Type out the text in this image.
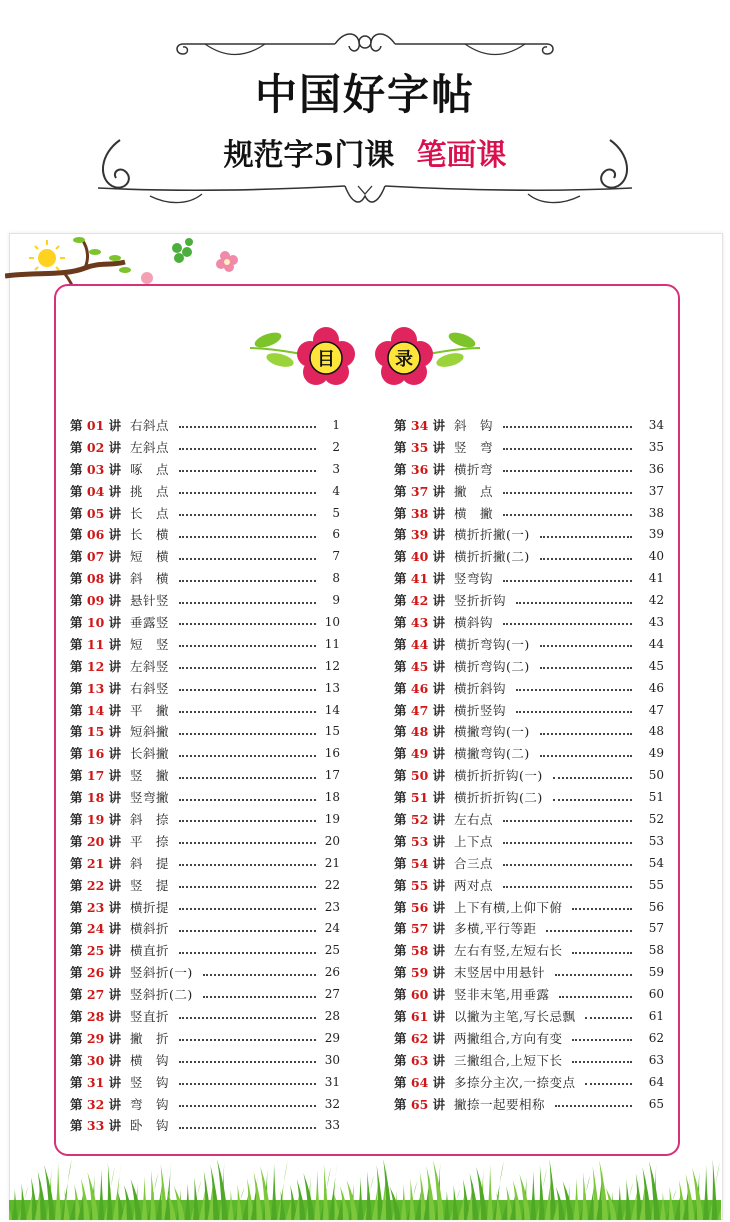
中国好字帖
规范字5门课 笔画课
目	录
第 01 讲 右斜点	1
第 02 讲 左斜点	2
第 03 讲 啄　点	3
第 04 讲 挑　点	4
第 05 讲 长　点	5
第 06 讲 长　横	6
第 07 讲 短　横	7
第 08 讲 斜　横	8
第 09 讲 悬针竖	9
第 10 讲 垂露竖	10
第 11 讲 短　竖	11
第 12 讲 左斜竖	12
第 13 讲 右斜竖	13
第 14 讲 平　撇	14
第 15 讲 短斜撇	15
第 16 讲 长斜撇	16
第 17 讲 竖　撇	17
第 18 讲 竖弯撇	18
第 19 讲 斜　捺	19
第 20 讲 平　捺	20
第 21 讲 斜　提	21
第 22 讲 竖　提	22
第 23 讲 横折提	23
第 24 讲 横斜折	24
第 25 讲 横直折	25
第 26 讲 竖斜折(一)	26
第 27 讲 竖斜折(二)	27
第 28 讲 竖直折	28
第 29 讲 撇　折	29
第 30 讲 横　钩	30
第 31 讲 竖　钩	31
第 32 讲 弯　钩	32
第 33 讲 卧　钩	33
第 34 讲 斜　钩	34
第 35 讲 竖　弯	35
第 36 讲 横折弯	36
第 37 讲 撇　点	37
第 38 讲 横　撇	38
第 39 讲 横折折撇(一)	39
第 40 讲 横折折撇(二)	40
第 41 讲 竖弯钩	41
第 42 讲 竖折折钩	42
第 43 讲 横斜钩	43
第 44 讲 横折弯钩(一)	44
第 45 讲 横折弯钩(二)	45
第 46 讲 横折斜钩	46
第 47 讲 横折竖钩	47
第 48 讲 横撇弯钩(一)	48
第 49 讲 横撇弯钩(二)	49
第 50 讲 横折折折钩(一)	50
第 51 讲 横折折折钩(二)	51
第 52 讲 左右点	52
第 53 讲 上下点	53
第 54 讲 合三点	54
第 55 讲 两对点	55
第 56 讲 上下有横,上仰下俯	56
第 57 讲 多横,平行等距	57
第 58 讲 左右有竖,左短右长	58
第 59 讲 末竖居中用悬针	59
第 60 讲 竖非末笔,用垂露	60
第 61 讲 以撇为主笔,写长忌飘	61
第 62 讲 两撇组合,方向有变	62
第 63 讲 三撇组合,上短下长	63
第 64 讲 多捺分主次,一捺变点	64
第 65 讲 撇捺一起要相称	65
